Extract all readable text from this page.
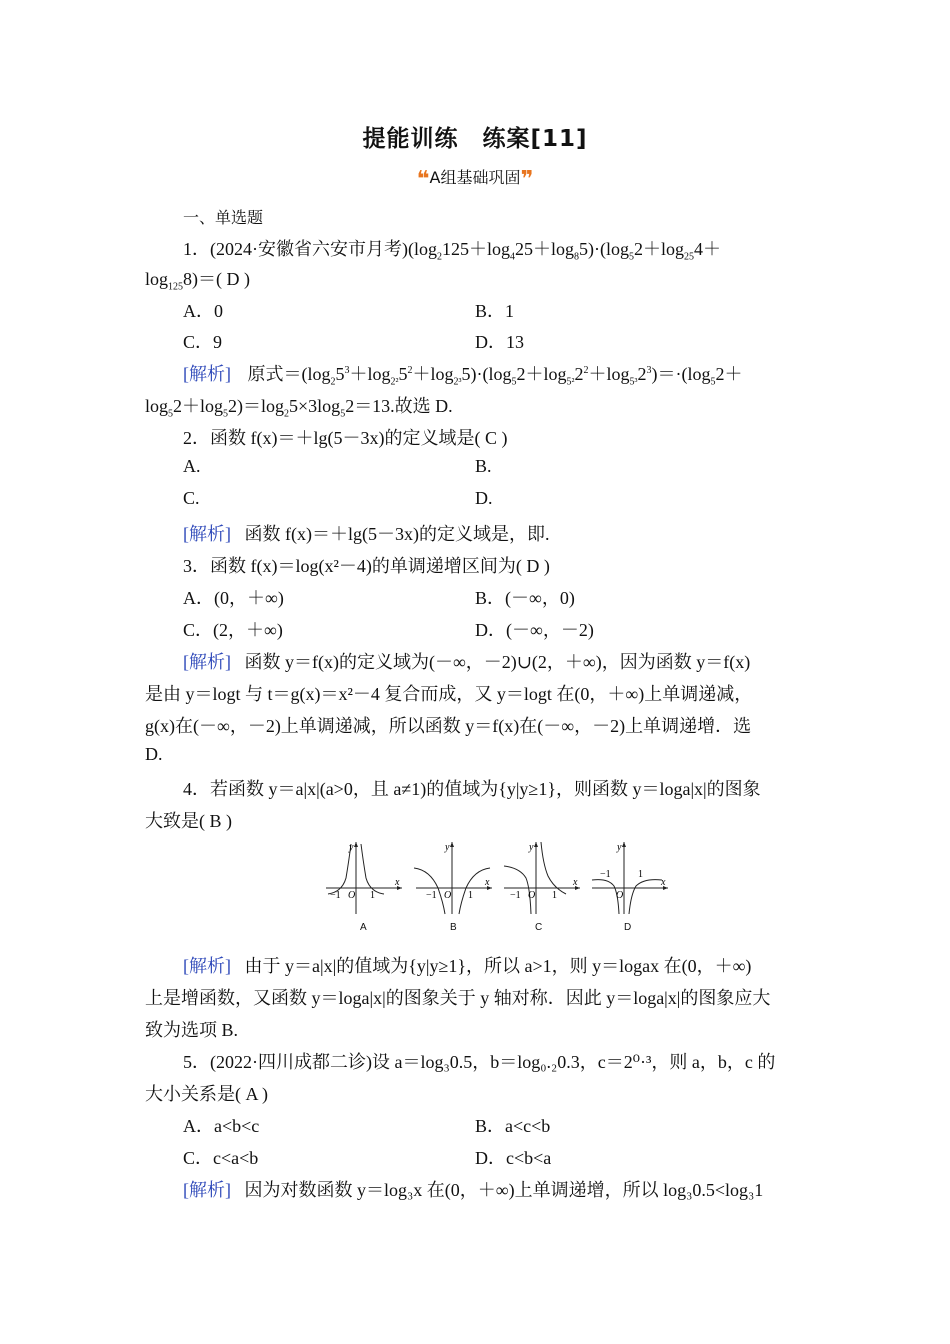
提能训练　练案[11]
❝A组基础巩固❞
一、单选题
1．(2024·安徽省六安市月考)$(\log_2125+\log_425+\log_85)\cdot(\log_52+\log_{25}4+$
$\log_{125}8)=$( D )
A．0	B．1
C．9	D．13
[解析] 原式$=(\log_25^3+\log_{2^2}5^2+\log_{2^3}5)\cdot(\log_52+\log_{5^2}2^2+\log_{5^3}2^3)=\cdot(\log_52+$
$\log_52+\log_52)=\log_25\times 3\log_52=13$.故选 D.
2．函数 f(x)＝＋lg(5－3x)的定义域是( C )
A.	B.
C.	D.
[解析] 函数 f(x)＝＋lg(5－3x)的定义域是，即.
3．函数 f(x)＝log(x²－4)的单调递增区间为( D )
A．(0，＋∞)	B．(－∞，0)
C．(2，＋∞)	D．(－∞，－2)
[解析] 函数 y＝f(x)的定义域为(－∞，－2)∪(2，＋∞)，因为函数 y＝f(x)
是由 y＝logt 与 t＝g(x)＝x²－4 复合而成，又 y＝logt 在(0，＋∞)上单调递减，
g(x)在(－∞，－2)上单调递减，所以函数 y＝f(x)在(－∞，－2)上单调递增．选
D.
4．若函数 y＝a|x|(a>0，且 a≠1)的值域为{y|y≥1}，则函数 y＝loga|x|的图象
大致是( B )
−1 O 1
x
y
−1 O 1
x
y
−1 O 1
x
y
−1
O
1
x
y
A	B	C	D
[解析] 由于 y＝a|x|的值域为{y|y≥1}，所以 a>1，则 y＝logax 在(0，＋∞)
上是增函数，又函数 y＝loga|x|的图象关于 y 轴对称．因此 y＝loga|x|的图象应大
致为选项 B.
5．(2022·四川成都二诊)设 a＝log₃0.5，b＝log₀.₂0.3，c＝2⁰·³，则 a，b，c 的
大小关系是( A )
A．a<b<c	B．a<c<b
C．c<a<b	D．c<b<a
[解析] 因为对数函数 y＝log₃x 在(0，＋∞)上单调递增，所以 log₃0.5<log₃1
